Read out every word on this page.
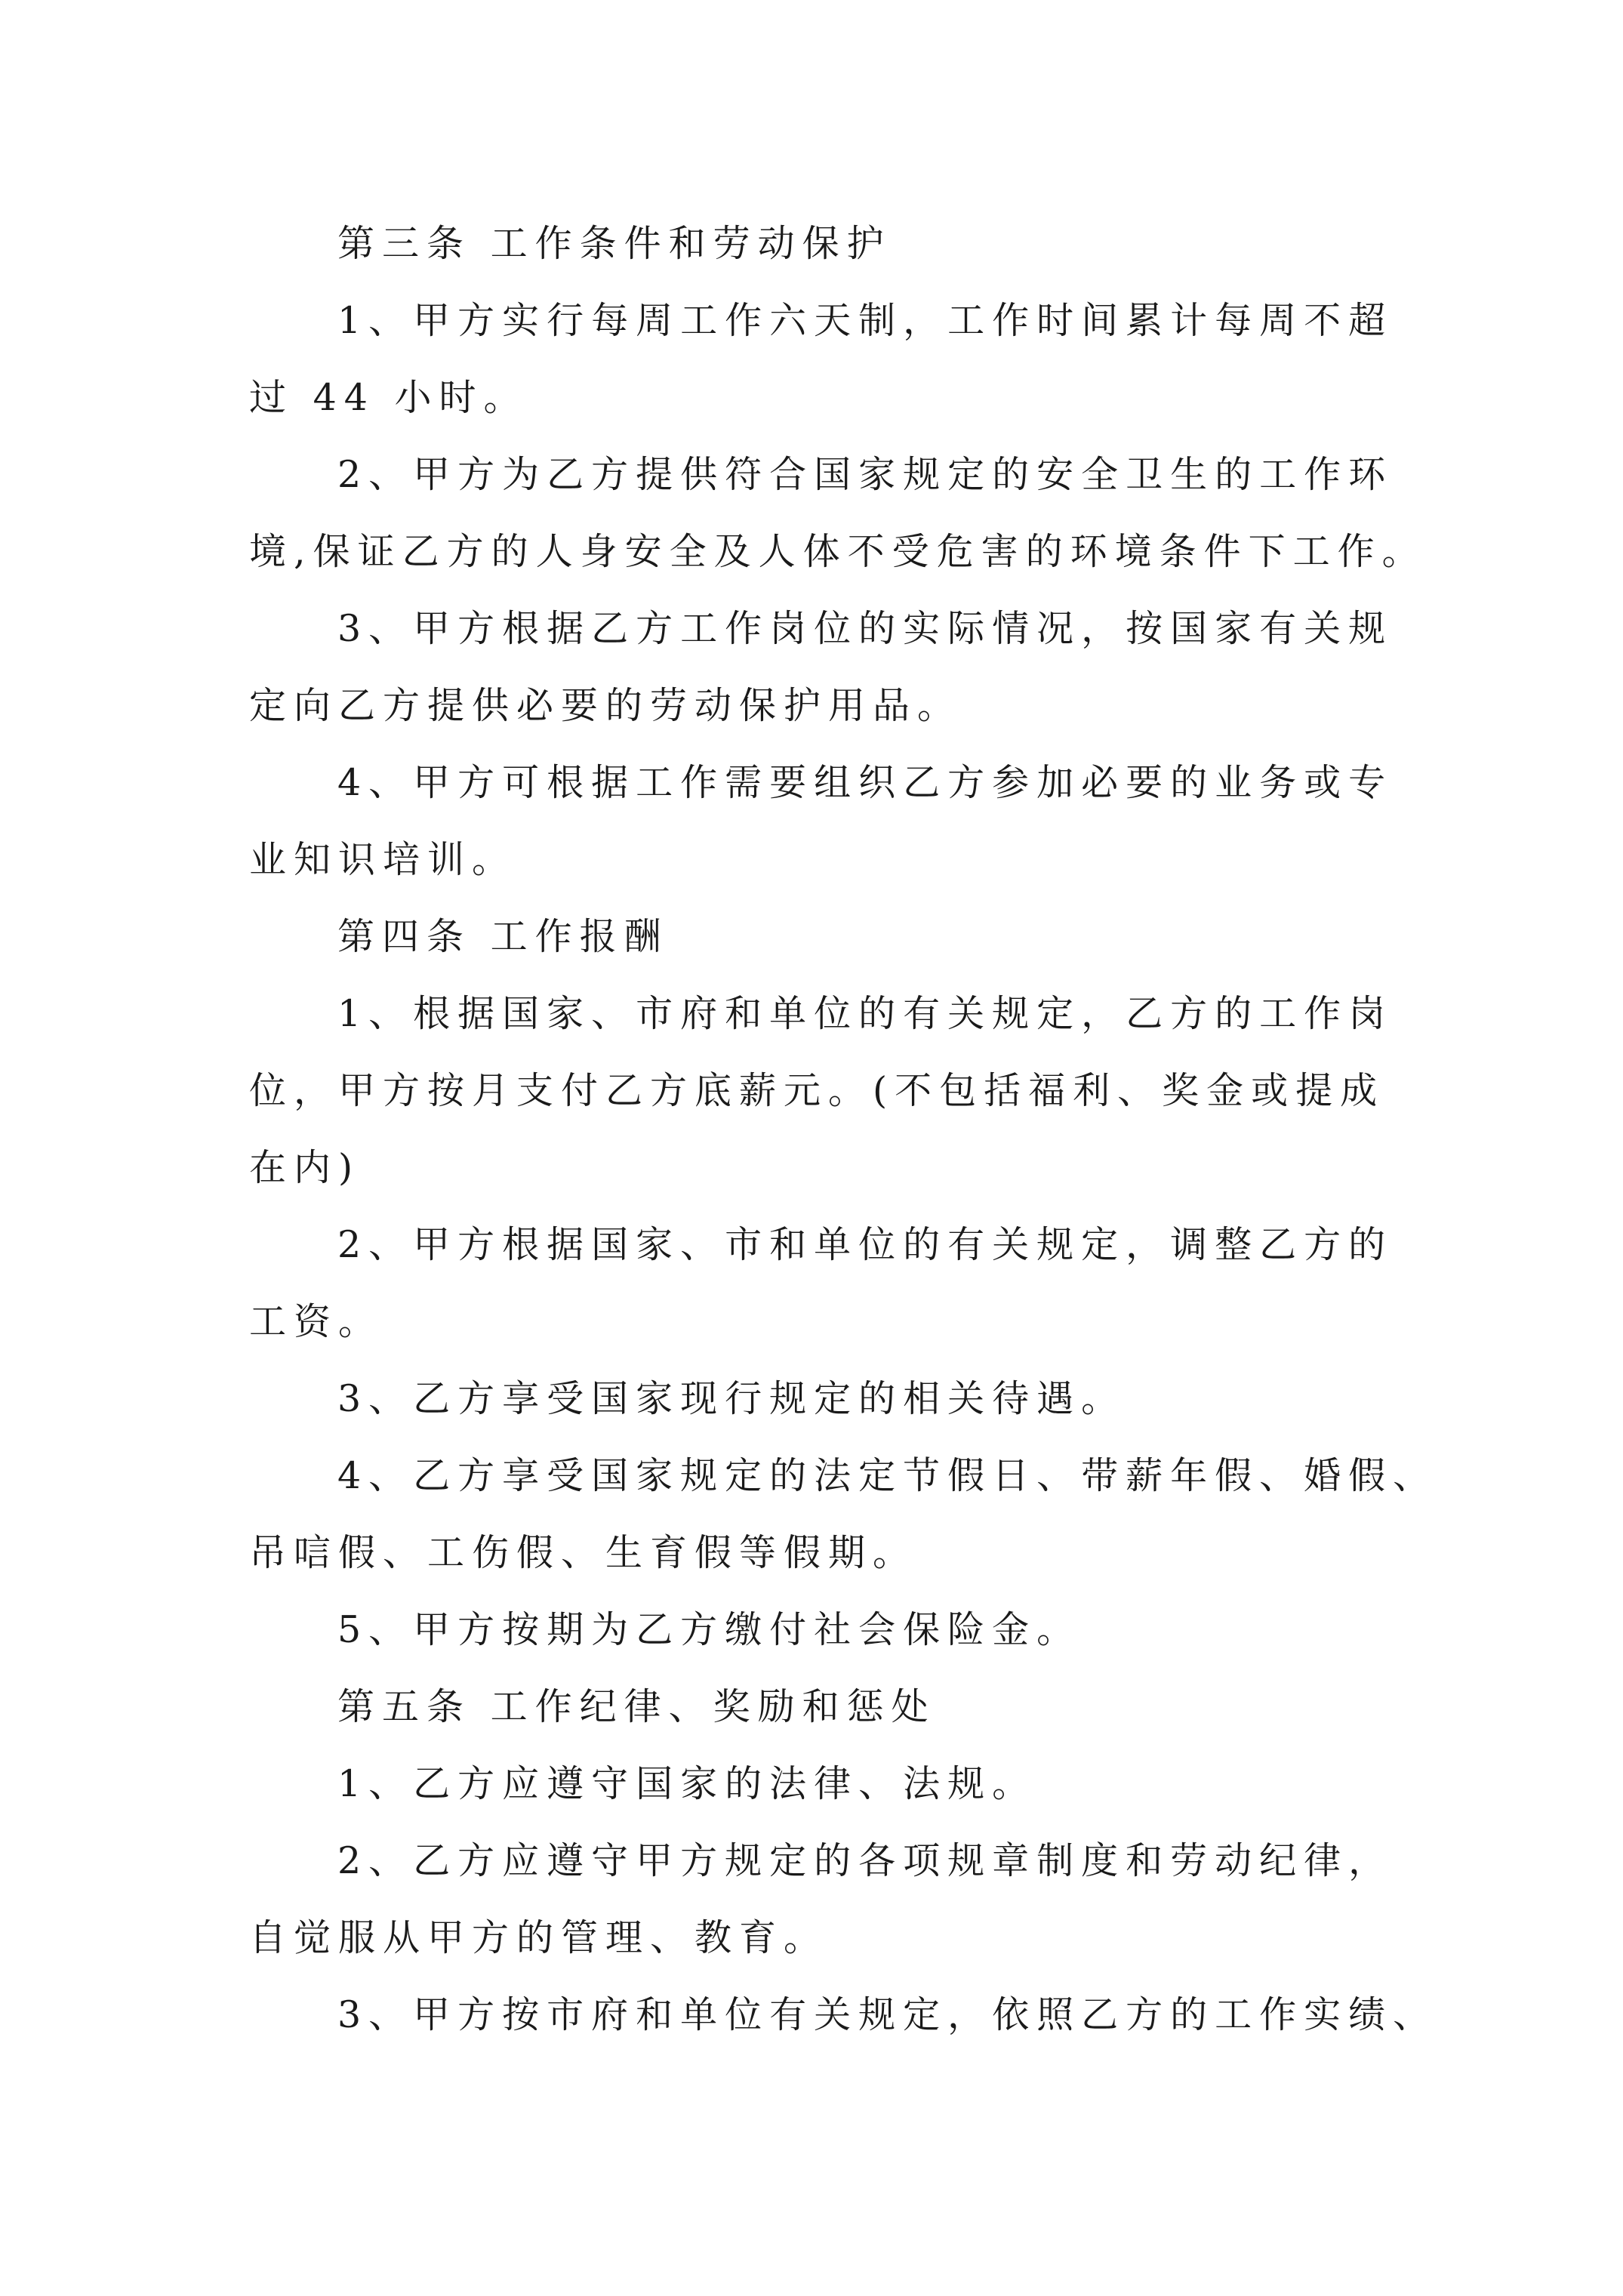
第三条 工作条件和劳动保护
1、甲方实行每周工作六天制，工作时间累计每周不超
过 44 小时。
2、甲方为乙方提供符合国家规定的安全卫生的工作环
境,保证乙方的人身安全及人体不受危害的环境条件下工作。
3、甲方根据乙方工作岗位的实际情况，按国家有关规
定向乙方提供必要的劳动保护用品。
4、甲方可根据工作需要组织乙方参加必要的业务或专
业知识培训。
第四条 工作报酬
1、根据国家、市府和单位的有关规定，乙方的工作岗
位，甲方按月支付乙方底薪元。(不包括福利、奖金或提成
在内)
2、甲方根据国家、市和单位的有关规定，调整乙方的
工资。
3、乙方享受国家现行规定的相关待遇。
4、乙方享受国家规定的法定节假日、带薪年假、婚假、
吊唁假、工伤假、生育假等假期。
5、甲方按期为乙方缴付社会保险金。
第五条 工作纪律、奖励和惩处
1、乙方应遵守国家的法律、法规。
2、乙方应遵守甲方规定的各项规章制度和劳动纪律，
自觉服从甲方的管理、教育。
3、甲方按市府和单位有关规定，依照乙方的工作实绩、
